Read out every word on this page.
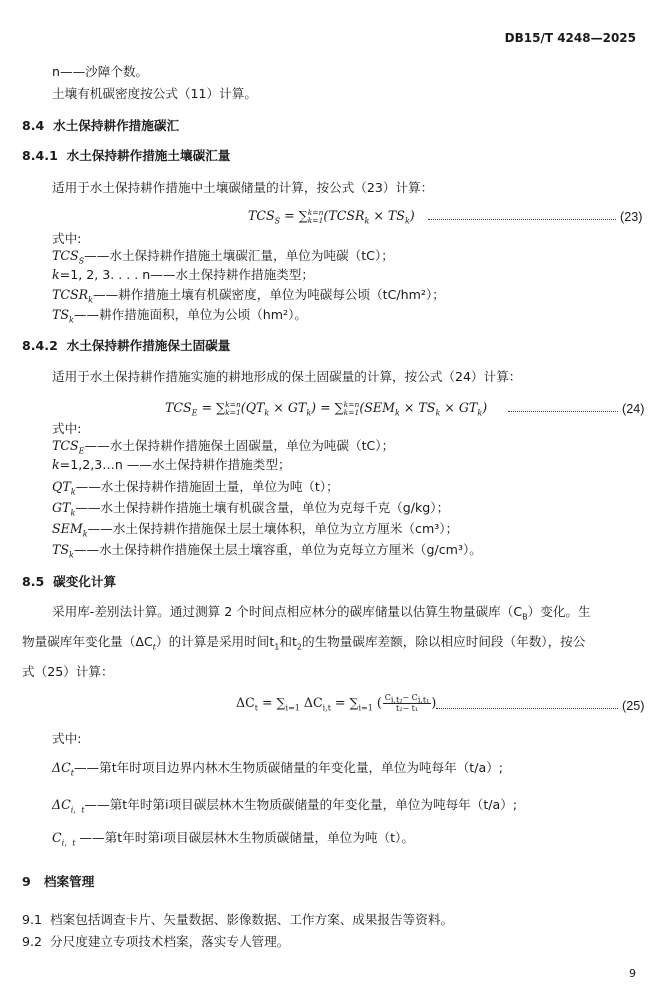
DB15/T 4248—2025
n——沙障个数。
土壤有机碳密度按公式（11）计算。
8.4 水土保持耕作措施碳汇
8.4.1 水土保持耕作措施土壤碳汇量
适用于水土保持耕作措施中土壤碳储量的计算，按公式（23）计算：
$TCS_S$ = ∑ k=n
k=1 $(TCSR_k \times TS_k)$	(23)
式中:
$TCS_S——$水土保持耕作措施土壤碳汇量，单位为吨碳（tC）；
k=1, 2, 3. . . . n——水土保持耕作措施类型；
$TCSR_k——$耕作措施土壤有机碳密度，单位为吨碳每公顷（tC/hm²）；
$TS_k——$耕作措施面积，单位为公顷（hm²）。
8.4.2 水土保持耕作措施保土固碳量
适用于水土保持耕作措施实施的耕地形成的保土固碳量的计算，按公式（24）计算：
$TCS_E$ = ∑ k=n
k=1 $(QT_k \times GT_k)$ = ∑ k=n
k=1 $(SEM_k \times TS_k \times GT_k)$	(24)
式中:
$TCS_E——$水土保持耕作措施保土固碳量，单位为吨碳（tC）；
k=1,2,3…n ——水土保持耕作措施类型；
$QT_k——$水土保持耕作措施固土量，单位为吨（t）；
$GT_k——$水土保持耕作措施土壤有机碳含量，单位为克每千克（g/kg）；
$SEM_k——$水土保持耕作措施保土层土壤体积，单位为立方厘米（cm³）；
$TS_k——$水土保持耕作措施保土层土壤容重，单位为克每立方厘米（g/cm³）。
8.5 碳变化计算
采用库-差别法计算。通过测算 2 个时间点相应林分的碳库储量以估算生物量碳库$(C_B)$变化。生
物量碳库年变化量$(\Delta C_t)$的计算是采用时间$t_1$和$t_2$的生物量碳库差额，除以相应时间段（年数），按公
式（25）计算：
$\Delta C_t = \sum_{i=1}$ $\Delta C_{i,t} = \sum_{i=1}$ ( $\frac{C_{i,t_2}- C_{i,t_1}}{\text{t₂− t₁}}$ )	(25)
式中:
$\Delta C_t——$第t年时项目边界内林木生物质碳储量的年变化量，单位为吨每年（t/a）;
$\Delta C_{i,t}——$第t年时第i项目碳层林木生物质碳储量的年变化量，单位为吨每年（t/a）;
$C_{i,t}$ ——第t年时第i项目碳层林木生物质碳储量，单位为吨（t）。
9 档案管理
9.1 档案包括调查卡片、矢量数据、影像数据、工作方案、成果报告等资料。
9.2 分尺度建立专项技术档案，落实专人管理。
9
